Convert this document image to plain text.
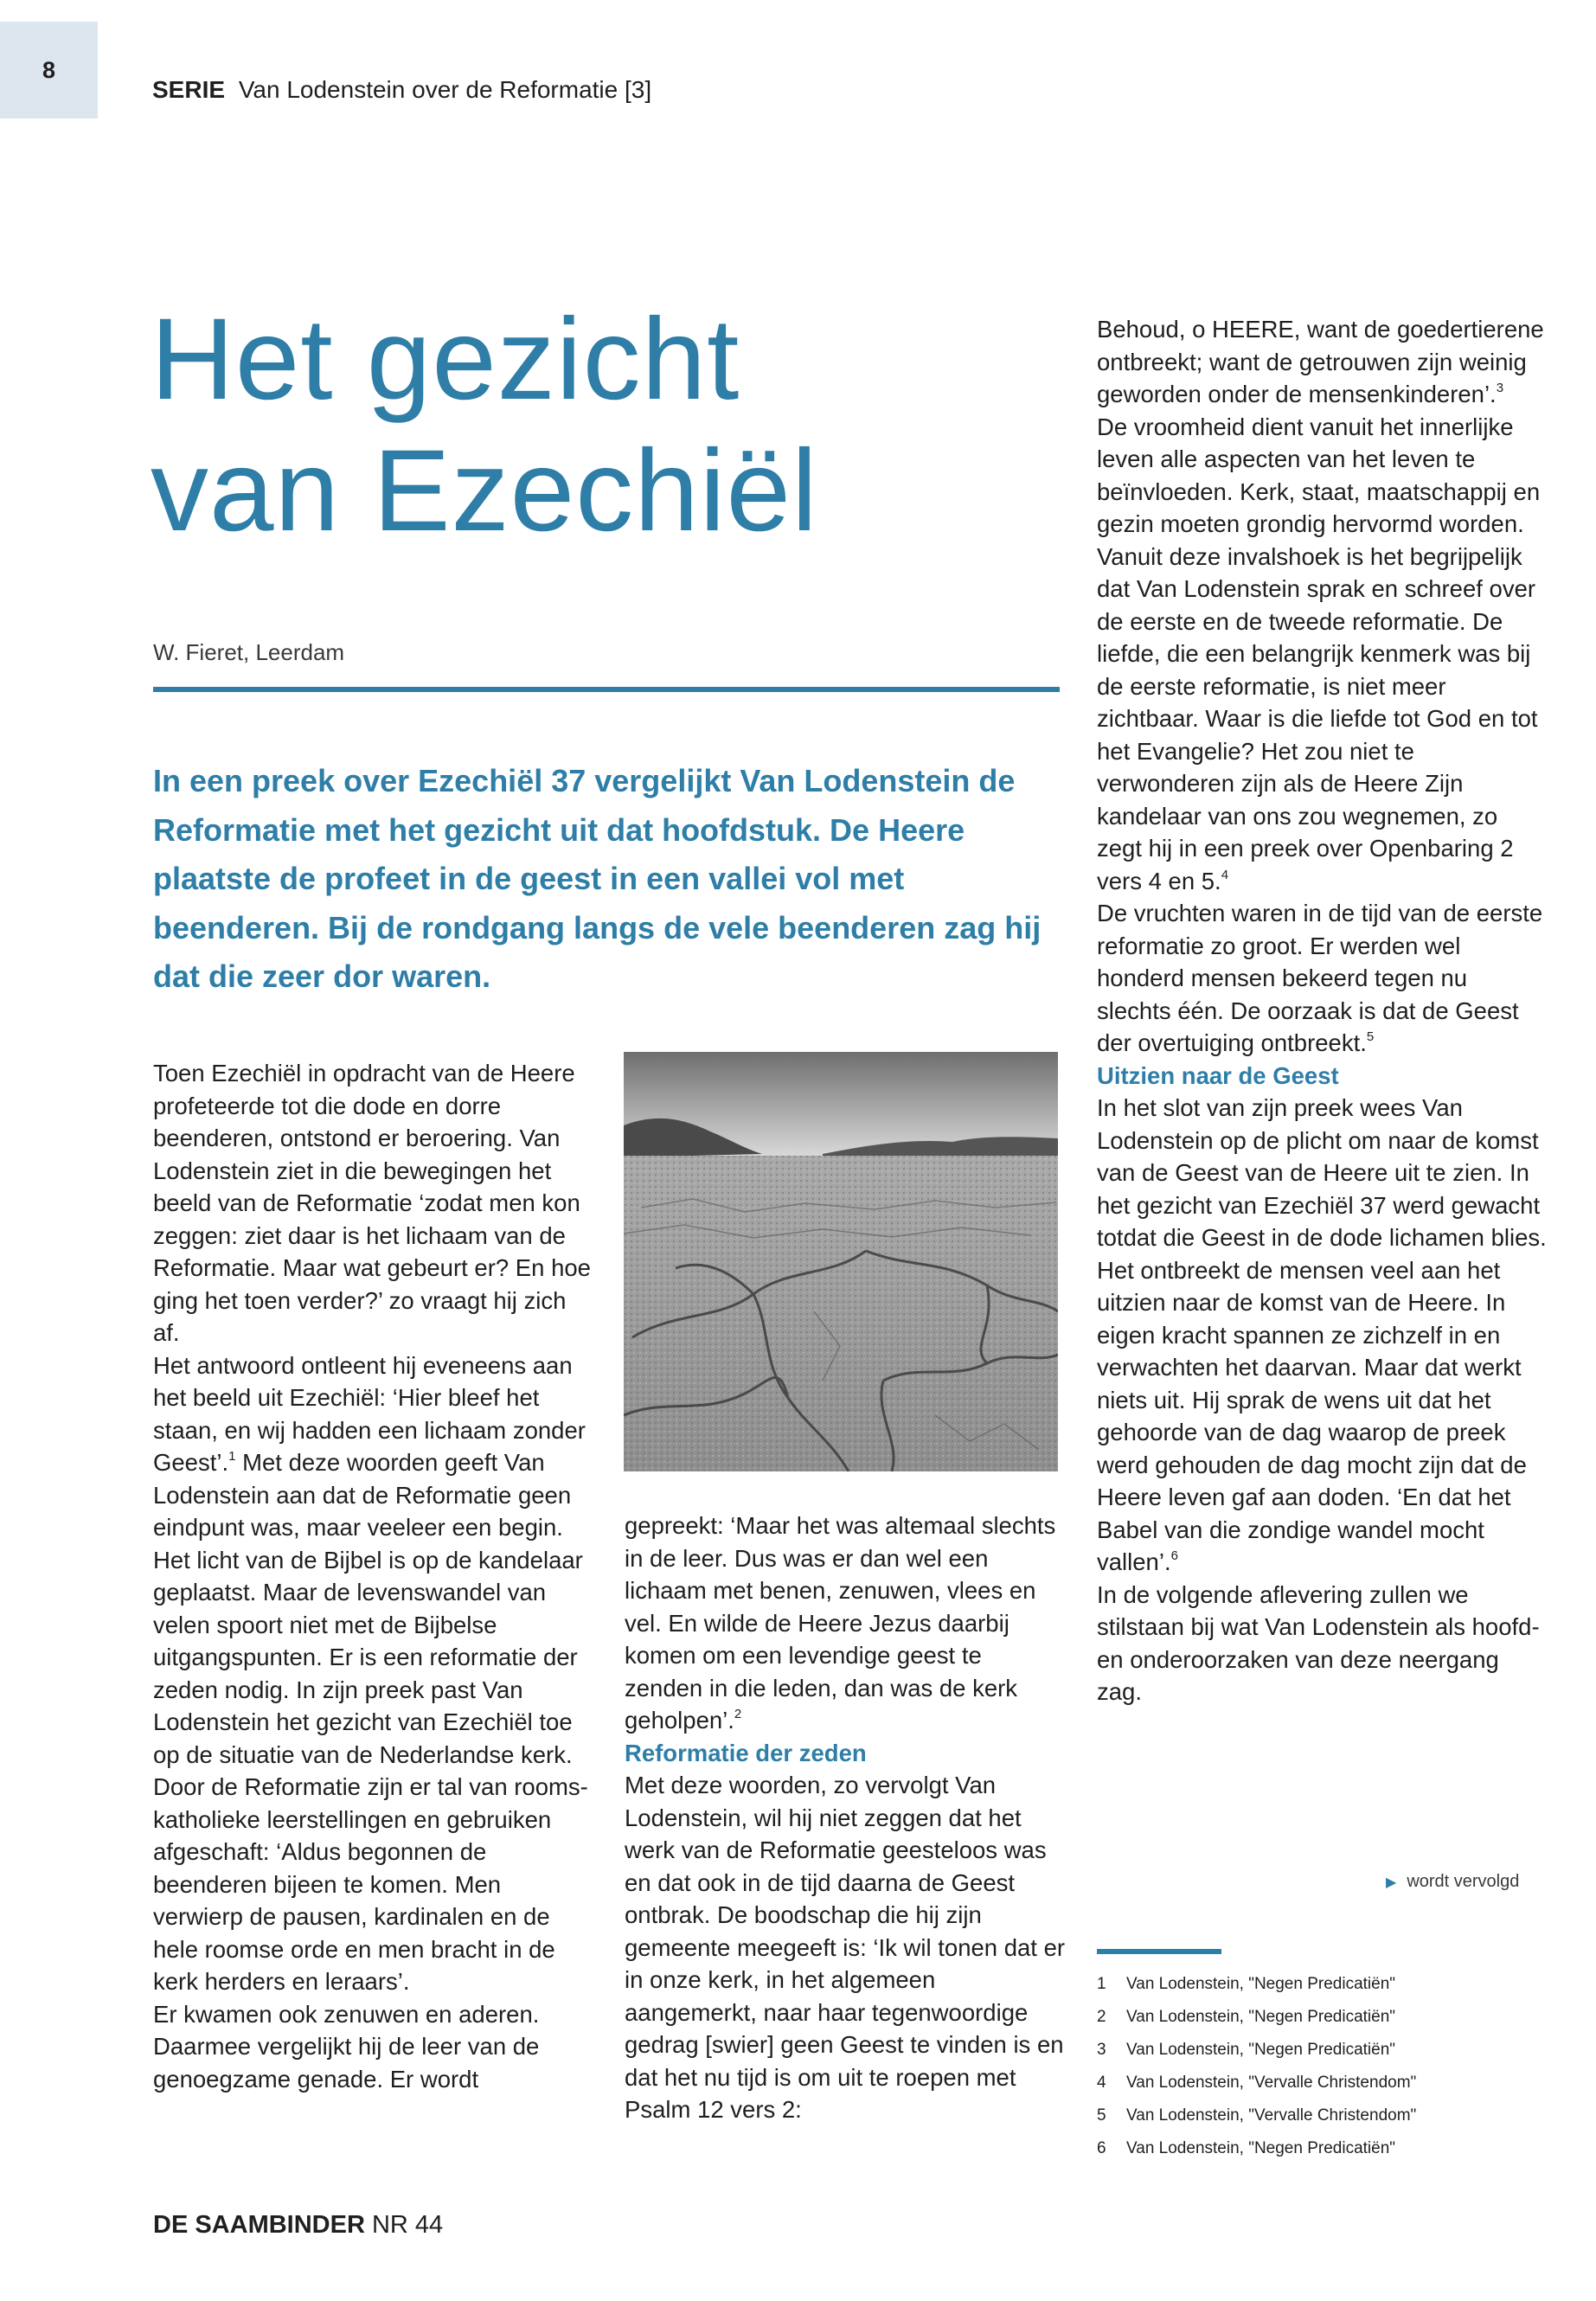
8
SERIE Van Lodenstein over de Reformatie [3]
Het gezicht
van Ezechiël
W. Fieret, Leerdam

In een preek over Ezechiël 37 vergelijkt Van Lodenstein de Reformatie met het gezicht uit dat hoofdstuk. De Heere plaatste de profeet in de geest in een vallei vol met beenderen. Bij de rondgang langs de vele beenderen zag hij dat die zeer dor waren.

Toen Ezechiël in opdracht van de Heere profeteerde tot die dode en dorre beenderen, ontstond er beroering. Van Lodenstein ziet in die bewegingen het beeld van de Reformatie ‘zodat men kon zeggen: ziet daar is het lichaam van de Reformatie. Maar wat gebeurt er? En hoe ging het toen verder?’ zo vraagt hij zich af.

Het antwoord ontleent hij eveneens aan het beeld uit Ezechiël: ‘Hier bleef het staan, en wij hadden een lichaam zonder Geest’.$^1$ Met deze woorden geeft Van Lodenstein aan dat de Reformatie geen eindpunt was, maar veeleer een begin. Het licht van de Bijbel is op de kandelaar geplaatst. Maar de levenswandel van velen spoort niet met de Bijbelse uitgangspunten. Er is een reformatie der zeden nodig. In zijn preek past Van Lodenstein het gezicht van Ezechiël toe op de situatie van de Nederlandse kerk. Door de Reformatie zijn er tal van rooms-katholieke leerstellingen en gebruiken afgeschaft: ‘Aldus begonnen de beenderen bijeen te komen. Men verwierp de pausen, kardinalen en de hele roomse orde en men bracht in de kerk herders en leraars’.

Er kwamen ook zenuwen en aderen. Daarmee vergelijkt hij de leer van de genoegzame genade. Er wordt

gepreekt: ‘Maar het was altemaal slechts in de leer. Dus was er dan wel een lichaam met benen, zenuwen, vlees en vel. En wilde de Heere Jezus daarbij komen om een levendige geest te zenden in die leden, dan was de kerk geholpen’.$^2$

Reformatie der zeden

Met deze woorden, zo vervolgt Van Lodenstein, wil hij niet zeggen dat het werk van de Reformatie geesteloos was en dat ook in de tijd daarna de Geest ontbrak. De boodschap die hij zijn gemeente meegeeft is: ‘Ik wil tonen dat er in onze kerk, in het algemeen aangemerkt, naar haar tegenwoordige gedrag [swier] geen Geest te vinden is en dat het nu tijd is om uit te roepen met Psalm 12 vers 2:

Behoud, o HEERE, want de goedertierene ontbreekt; want de getrouwen zijn weinig geworden onder de mensenkinderen’.$^3$

De vroomheid dient vanuit het innerlijke leven alle aspecten van het leven te beïnvloeden. Kerk, staat, maatschappij en gezin moeten grondig hervormd worden. Vanuit deze invalshoek is het begrijpelijk dat Van Lodenstein sprak en schreef over de eerste en de tweede reformatie. De liefde, die een belangrijk kenmerk was bij de eerste reformatie, is niet meer zichtbaar. Waar is die liefde tot God en tot het Evangelie? Het zou niet te verwonderen zijn als de Heere Zijn kandelaar van ons zou wegnemen, zo zegt hij in een preek over Openbaring 2 vers 4 en 5.$^4$

De vruchten waren in de tijd van de eerste reformatie zo groot. Er werden wel honderd mensen bekeerd tegen nu slechts één. De oorzaak is dat de Geest der overtuiging ontbreekt.$^5$

Uitzien naar de Geest

In het slot van zijn preek wees Van Lodenstein op de plicht om naar de komst van de Geest van de Heere uit te zien. In het gezicht van Ezechiël 37 werd gewacht totdat die Geest in de dode lichamen blies.

Het ontbreekt de mensen veel aan het uitzien naar de komst van de Heere. In eigen kracht spannen ze zichzelf in en verwachten het daarvan. Maar dat werkt niets uit. Hij sprak de wens uit dat het gehoorde van de dag waarop de preek werd gehouden de dag mocht zijn dat de Heere leven gaf aan doden. ‘En dat het Babel van die zondige wandel mocht vallen’.$^6$

In de volgende aflevering zullen we stilstaan bij wat Van Lodenstein als hoofd- en onderoorzaken van deze neergang zag.

▶ wordt vervolgd
1	Van Lodenstein, "Negen Predicatiën"
2	Van Lodenstein, "Negen Predicatiën"
3	Van Lodenstein, "Negen Predicatiën"
4	Van Lodenstein, "Vervalle Christendom"
5	Van Lodenstein, "Vervalle Christendom"
6	Van Lodenstein, "Negen Predicatiën"
DE SAAMBINDER NR 44
